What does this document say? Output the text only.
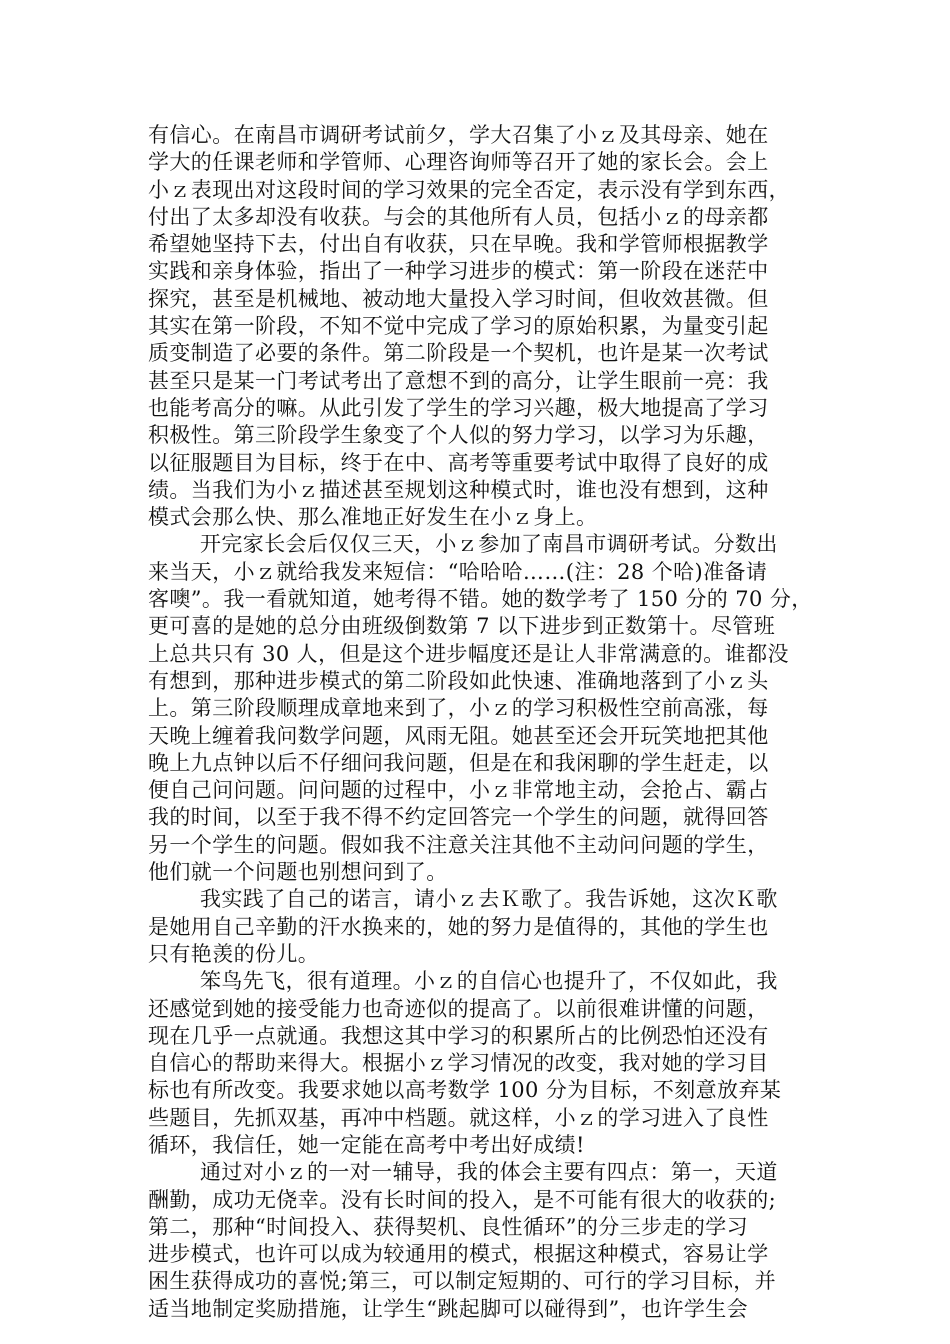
有信心。在南昌市调研考试前夕，学大召集了小ｚ及其母亲、她在
学大的任课老师和学管师、心理咨询师等召开了她的家长会。会上
小ｚ表现出对这段时间的学习效果的完全否定，表示没有学到东西，
付出了太多却没有收获。与会的其他所有人员，包括小ｚ的母亲都
希望她坚持下去，付出自有收获，只在早晚。我和学管师根据教学
实践和亲身体验，指出了一种学习进步的模式：第一阶段在迷茫中
探究，甚至是机械地、被动地大量投入学习时间，但收效甚微。但
其实在第一阶段，不知不觉中完成了学习的原始积累，为量变引起
质变制造了必要的条件。第二阶段是一个契机，也许是某一次考试
甚至只是某一门考试考出了意想不到的高分，让学生眼前一亮：我
也能考高分的嘛。从此引发了学生的学习兴趣，极大地提高了学习
积极性。第三阶段学生象变了个人似的努力学习，以学习为乐趣，
以征服题目为目标，终于在中、高考等重要考试中取得了良好的成
绩。当我们为小ｚ描述甚至规划这种模式时，谁也没有想到，这种
模式会那么快、那么准地正好发生在小ｚ身上。
开完家长会后仅仅三天，小ｚ参加了南昌市调研考试。分数出
来当天，小ｚ就给我发来短信：“哈哈哈……(注：28 个哈)准备请
客噢”。我一看就知道，她考得不错。她的数学考了 150 分的 70 分，
更可喜的是她的总分由班级倒数第 7 以下进步到正数第十。尽管班
上总共只有 30 人，但是这个进步幅度还是让人非常满意的。谁都没
有想到，那种进步模式的第二阶段如此快速、准确地落到了小ｚ头
上。第三阶段顺理成章地来到了，小ｚ的学习积极性空前高涨，每
天晚上缠着我问数学问题，风雨无阻。她甚至还会开玩笑地把其他
晚上九点钟以后不仔细问我问题，但是在和我闲聊的学生赶走，以
便自己问问题。问问题的过程中，小ｚ非常地主动，会抢占、霸占
我的时间，以至于我不得不约定回答完一个学生的问题，就得回答
另一个学生的问题。假如我不注意关注其他不主动问问题的学生，
他们就一个问题也别想问到了。
我实践了自己的诺言，请小ｚ去Ｋ歌了。我告诉她，这次Ｋ歌
是她用自己辛勤的汗水换来的，她的努力是值得的，其他的学生也
只有艳羡的份儿。
笨鸟先飞，很有道理。小ｚ的自信心也提升了，不仅如此，我
还感觉到她的接受能力也奇迹似的提高了。以前很难讲懂的问题，
现在几乎一点就通。我想这其中学习的积累所占的比例恐怕还没有
自信心的帮助来得大。根据小ｚ学习情况的改变，我对她的学习目
标也有所改变。我要求她以高考数学 100 分为目标，不刻意放弃某
些题目，先抓双基，再冲中档题。就这样，小ｚ的学习进入了良性
循环，我信任，她一定能在高考中考出好成绩!
通过对小ｚ的一对一辅导，我的体会主要有四点：第一，天道
酬勤，成功无侥幸。没有长时间的投入，是不可能有很大的收获的;
第二，那种“时间投入、获得契机、良性循环”的分三步走的学习
进步模式，也许可以成为较通用的模式，根据这种模式，容易让学
困生获得成功的喜悦;第三，可以制定短期的、可行的学习目标，并
适当地制定奖励措施，让学生“跳起脚可以碰得到”，也许学生会
